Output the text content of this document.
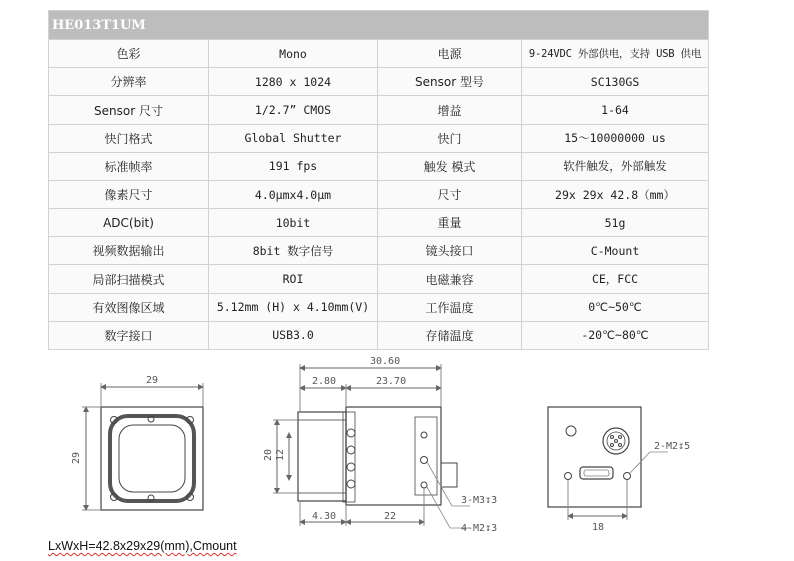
HE013T1UM			
色彩	Mono	电源	9-24VDC 外部供电，支持 USB 供电
分辨率	1280 x 1024	Sensor 型号	SC130GS
Sensor 尺寸	1/2.7” CMOS	增益	1-64
快门格式	Global Shutter	快门	15～10000000 us
标准帧率	191 fps	触发 模式	软件触发，外部触发
像素尺寸	4.0μmx4.0μm	尺寸	29x 29x 42.8（mm）
ADC(bit)	10bit	重量	51g
视频数据输出	8bit 数字信号	镜头接口	C-Mount
局部扫描模式	ROI	电磁兼容	CE，FCC
有效图像区域	5.12mm (H) x 4.10mm(V)	工作温度	0℃~50℃
数字接口	USB3.0	存储温度	-20℃~80℃
29
29
30.60
2.80	23.70
20 12
4.30	22
3-M3↧3
4-M2↧3
2-M2↧5
18
LxWxH=42.8x29x29(mm),Cmount
